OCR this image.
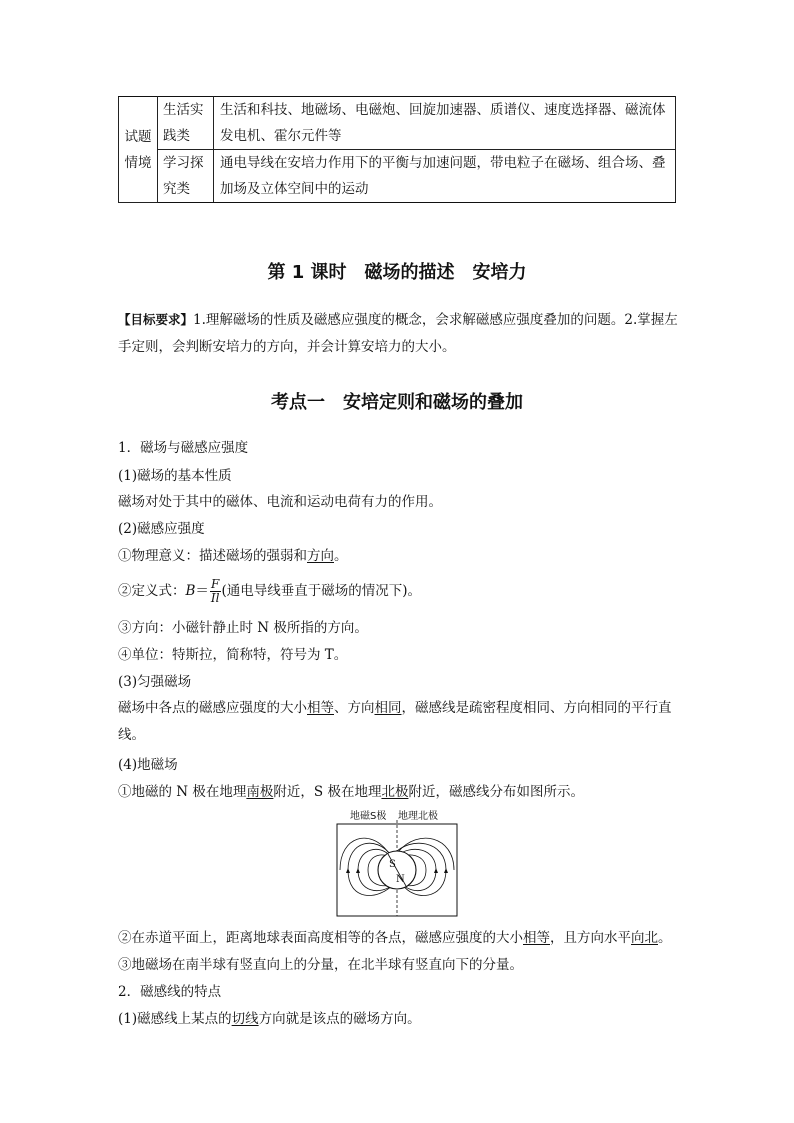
试题情境	生活实践类	生活和科技、地磁场、电磁炮、回旋加速器、质谱仪、速度选择器、磁流体发电机、霍尔元件等
	学习探究类	通电导线在安培力作用下的平衡与加速问题，带电粒子在磁场、组合场、叠加场及立体空间中的运动
第 1 课时　磁场的描述　安培力
【目标要求】1.理解磁场的性质及磁感应强度的概念，会求解磁感应强度叠加的问题。2.掌握左手定则，会判断安培力的方向，并会计算安培力的大小。
考点一　安培定则和磁场的叠加
1．磁场与磁感应强度
(1)磁场的基本性质
磁场对处于其中的磁体、电流和运动电荷有力的作用。
(2)磁感应强度
①物理意义：描述磁场的强弱和方向。
②定义式：$B= \frac{F}{Il}$ (通电导线垂直于磁场的情况下)。
③方向：小磁针静止时 N 极所指的方向。
④单位：特斯拉，简称特，符号为 T。
(3)匀强磁场
磁场中各点的磁感应强度的大小相等、方向相同，磁感线是疏密程度相同、方向相同的平行直线。
(4)地磁场
①地磁的 N 极在地理南极附近，S 极在地理北极附近，磁感线分布如图所示。
地磁S极 地理北极
S
N
②在赤道平面上，距离地球表面高度相等的各点，磁感应强度的大小相等，且方向水平向北。
③地磁场在南半球有竖直向上的分量，在北半球有竖直向下的分量。
2．磁感线的特点
(1)磁感线上某点的切线方向就是该点的磁场方向。
